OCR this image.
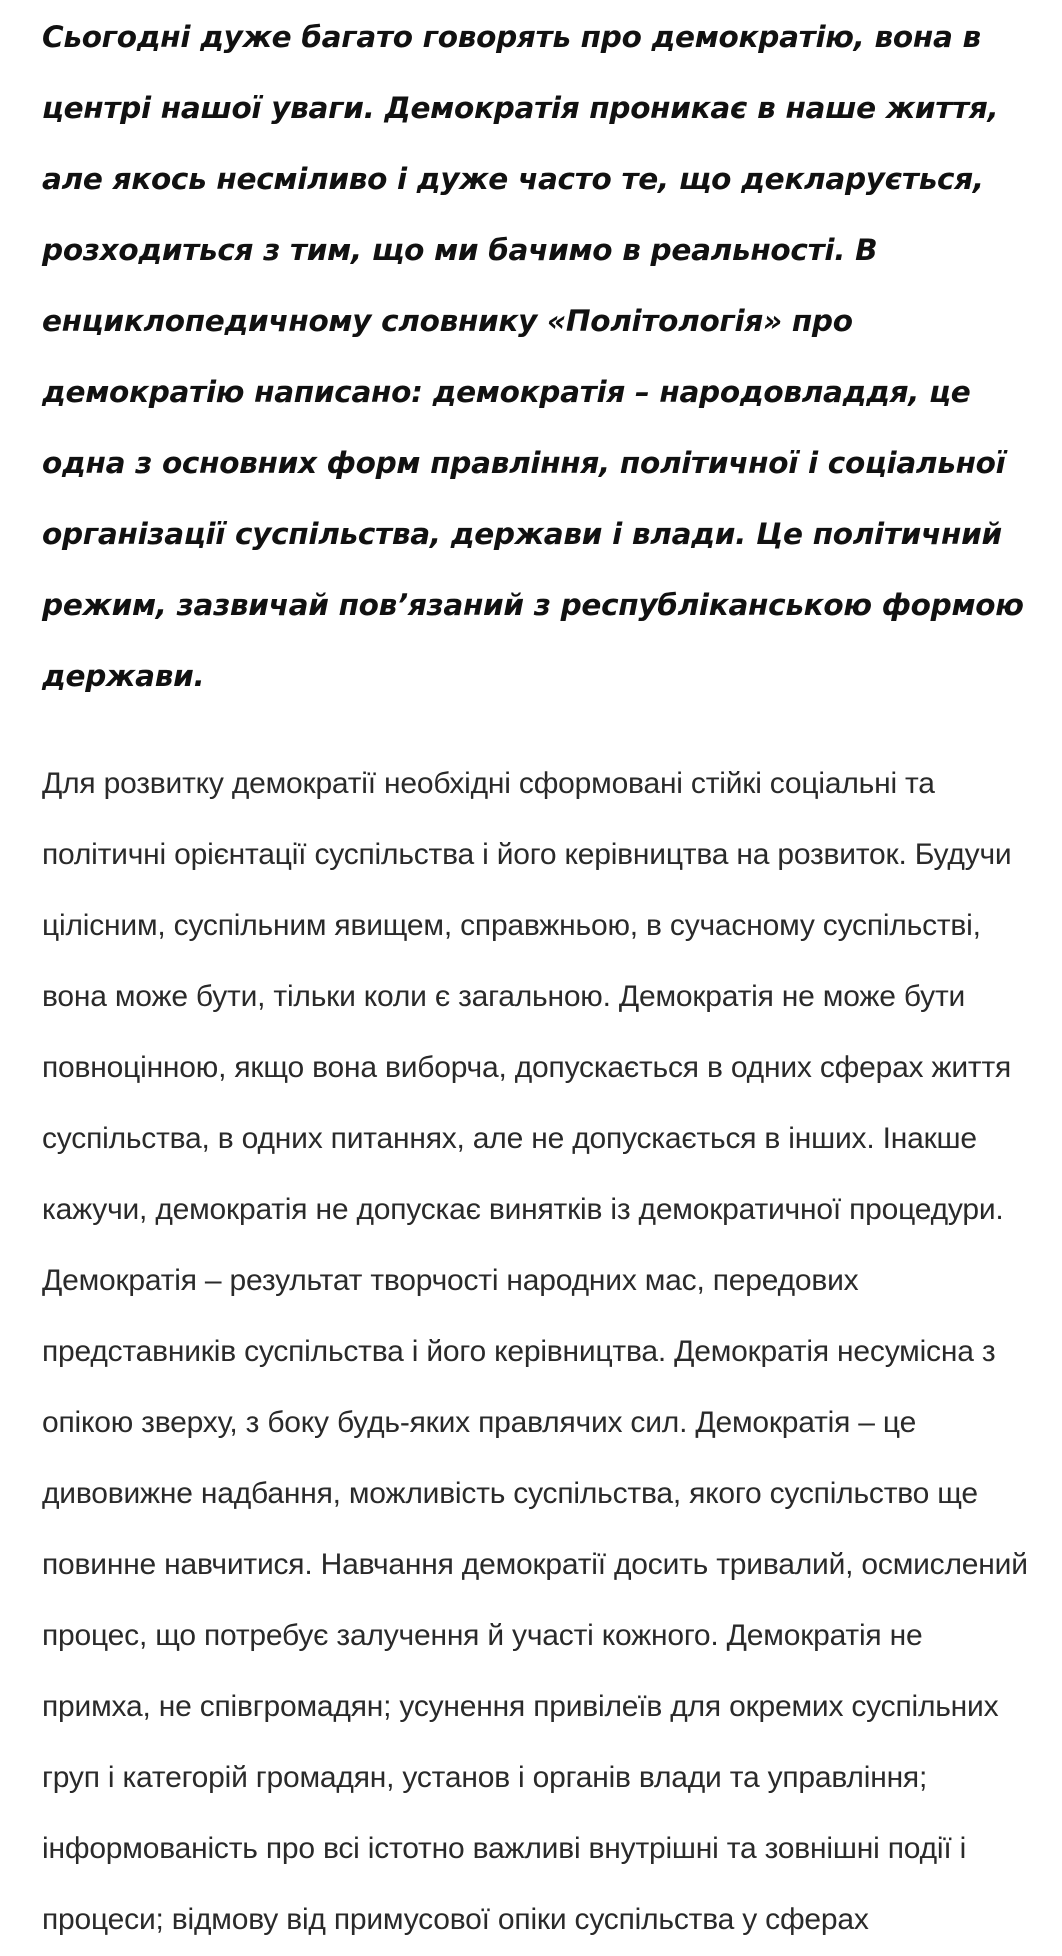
Сьогодні дуже багато говорять про демократію, вона в центрі нашої уваги. Демократія проникає в наше життя, але якось несміливо і дуже часто те, що декларується, розходиться з тим, що ми бачимо в реальності. В енциклопедичному словнику «Політологія» про демократію написано: демократія – народовладдя, це одна з основних форм правління, політичної і соціальної організації суспільства, держави і влади. Це політичний режим, зазвичай пов’язаний з республіканською формою держави.

Для розвитку демократії необхідні сформовані стійкі соціальні та політичні орієнтації суспільства і його керівництва на розвиток. Будучи цілісним, суспільним явищем, справжньою, в сучасному суспільстві, вона може бути, тільки коли є загальною. Демократія не може бути повноцінною, якщо вона виборча, допускається в одних сферах життя суспільства, в одних питаннях, але не допускається в інших. Інакше кажучи, демократія не допускає винятків із демократичної процедури. Демократія – результат творчості народних мас, передових представників суспільства і його керівництва. Демократія несумісна з опікою зверху, з боку будь-яких правлячих сил. Демократія – це дивовижне надбання, можливість суспільства, якого суспільство ще повинне навчитися. Навчання демократії досить тривалий, осмислений процес, що потребує залучення й участі кожного. Демократія не примха, не співгромадян; усунення привілеїв для окремих суспільних груп і категорій громадян, установ і органів влади та управління; інформованість про всі істотно важливі внутрішні та зовнішні події і процеси; відмову від примусової опіки суспільства у сферах
